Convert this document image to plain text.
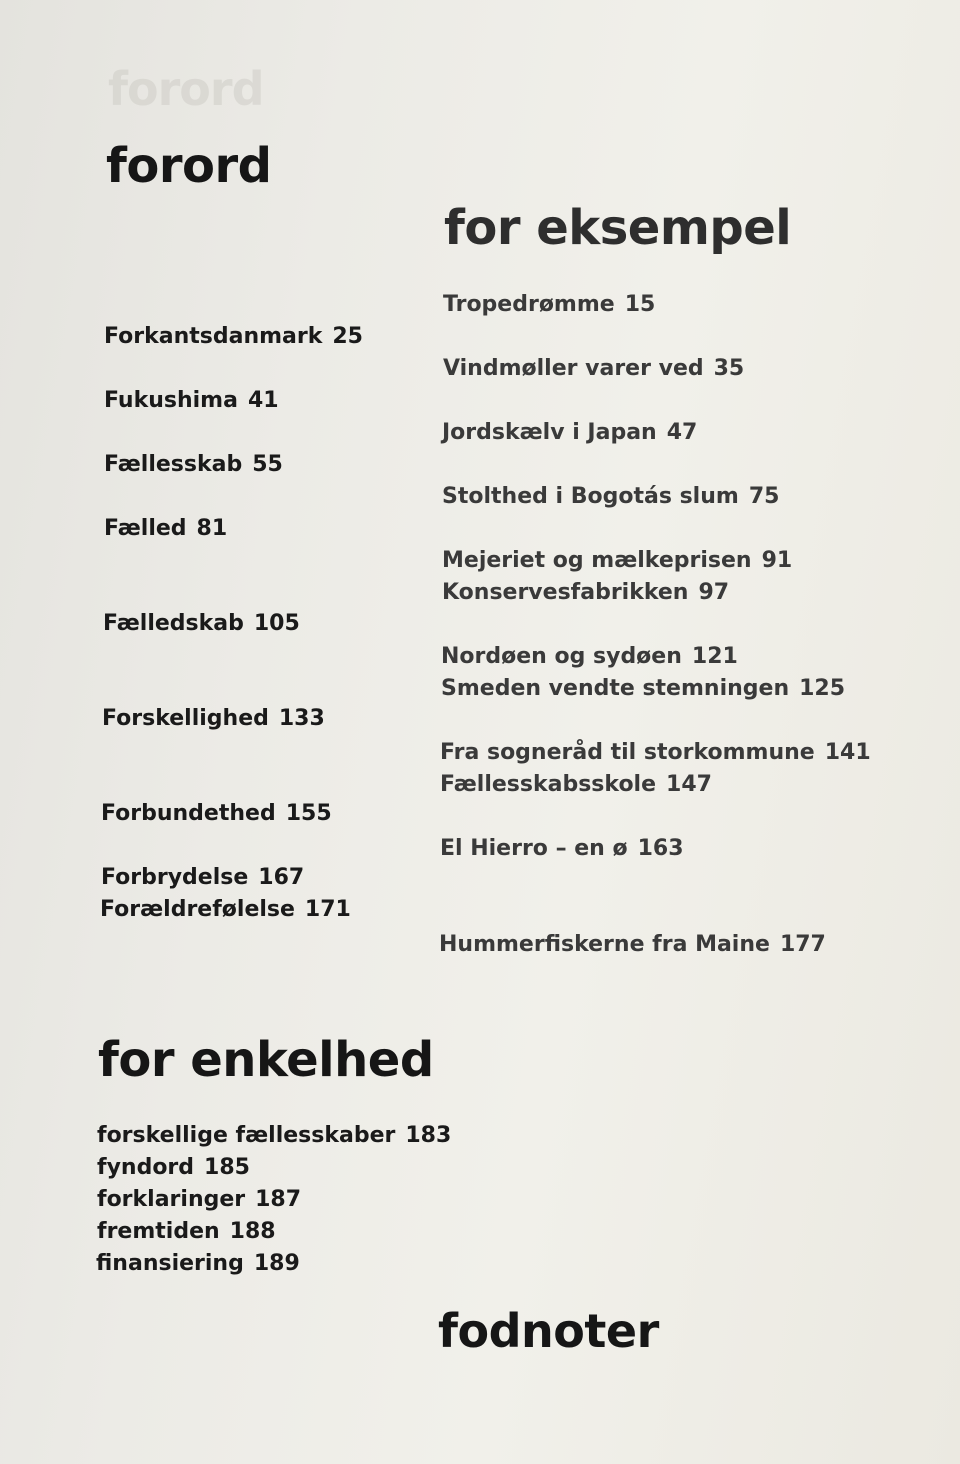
forord
forord
for eksempel
for enkelhed
fodnoter
Forkantsdanmark 25
Fukushima 41
Fællesskab 55
Fælled 81
Fælledskab 105
Forskellighed 133
Forbundethed 155
Forbrydelse 167
Forældrefølelse 171
Tropedrømme 15
Vindmøller varer ved 35
Jordskælv i Japan 47
Stolthed i Bogotás slum 75
Mejeriet og mælkeprisen 91
Konservesfabrikken 97
Nordøen og sydøen 121
Smeden vendte stemningen 125
Fra sogneråd til storkommune 141
Fællesskabsskole 147
El Hierro – en ø 163
Hummerfiskerne fra Maine 177
forskellige fællesskaber 183
fyndord 185
forklaringer 187
fremtiden 188
finansiering 189
